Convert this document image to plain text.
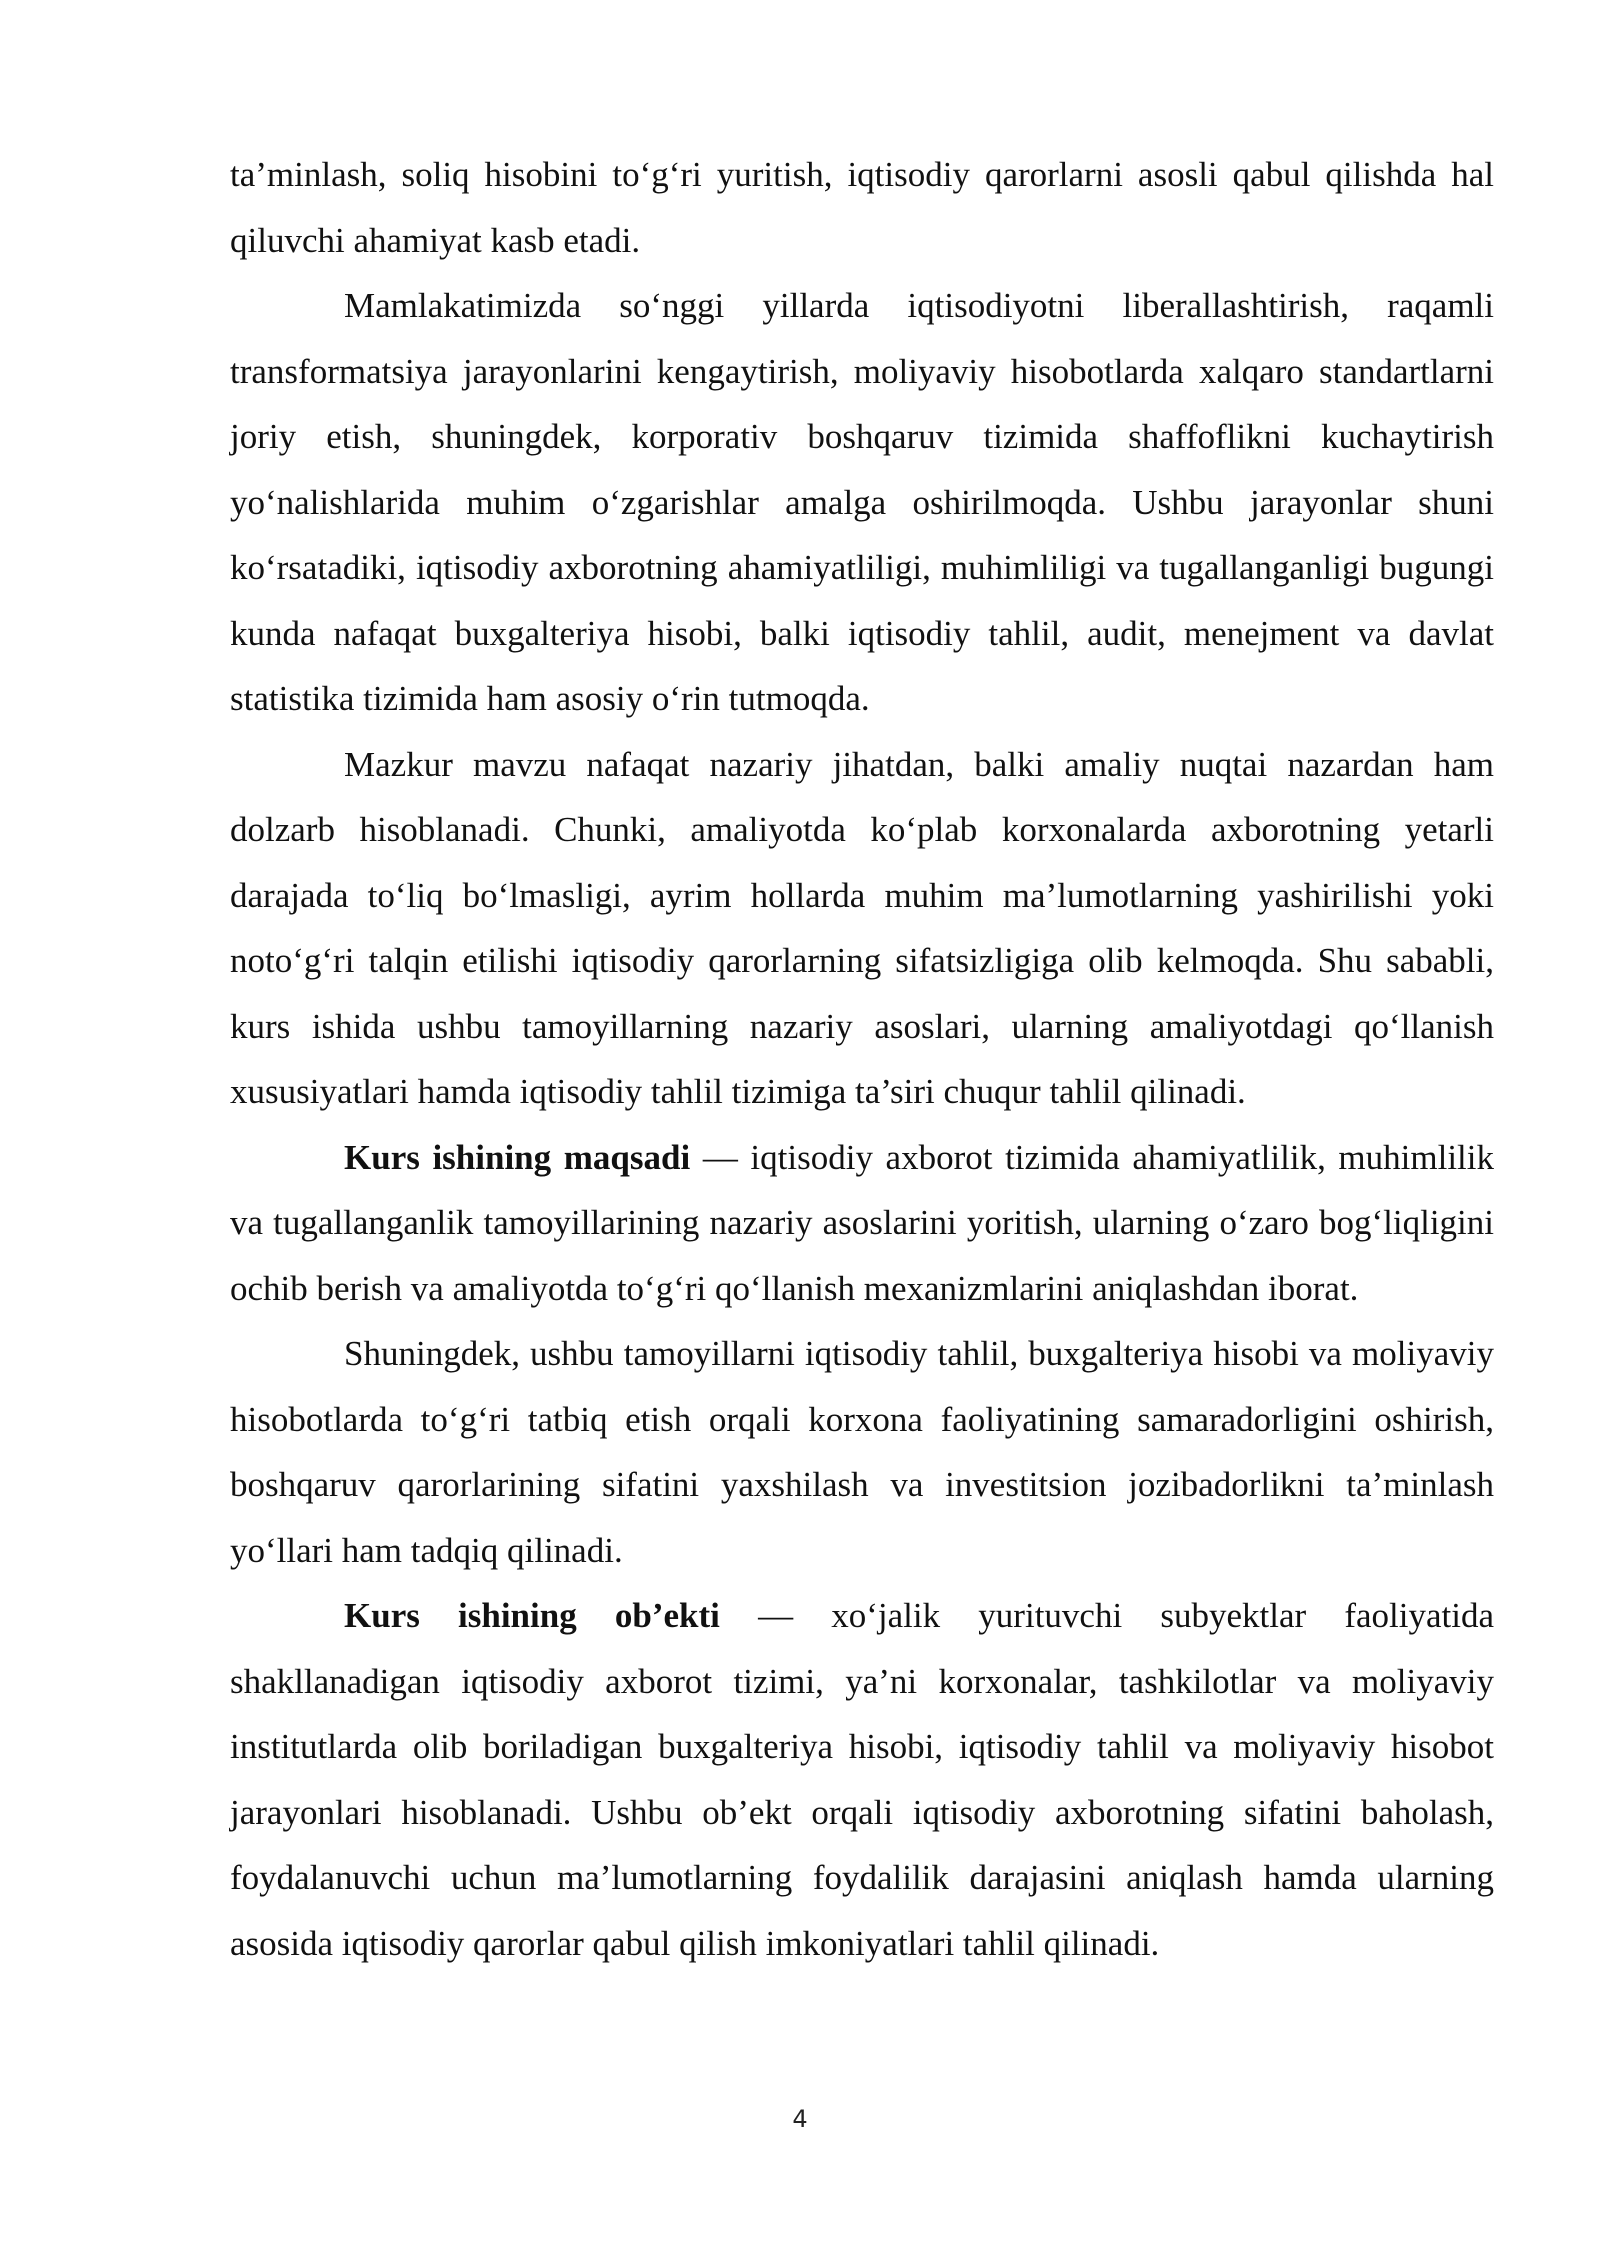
ta’minlash, soliq hisobini to‘g‘ri yuritish, iqtisodiy qarorlarni asosli qabul qilishda hal qiluvchi ahamiyat kasb etadi.

Mamlakatimizda so‘nggi yillarda iqtisodiyotni liberallashtirish, raqamli transformatsiya jarayonlarini kengaytirish, moliyaviy hisobotlarda xalqaro standartlarni joriy etish, shuningdek, korporativ boshqaruv tizimida shaffoflikni kuchaytirish yo‘nalishlarida muhim o‘zgarishlar amalga oshirilmoqda. Ushbu jarayonlar shuni ko‘rsatadiki, iqtisodiy axborotning ahamiyatliligi, muhimliligi va tugallanganligi bugungi kunda nafaqat buxgalteriya hisobi, balki iqtisodiy tahlil, audit, menejment va davlat statistika tizimida ham asosiy o‘rin tutmoqda.

Mazkur mavzu nafaqat nazariy jihatdan, balki amaliy nuqtai nazardan ham dolzarb hisoblanadi. Chunki, amaliyotda ko‘plab korxonalarda axborotning yetarli darajada to‘liq bo‘lmasligi, ayrim hollarda muhim ma’lumotlarning yashirilishi yoki noto‘g‘ri talqin etilishi iqtisodiy qarorlarning sifatsizligiga olib kelmoqda. Shu sababli, kurs ishida ushbu tamoyillarning nazariy asoslari, ularning amaliyotdagi qo‘llanish xususiyatlari hamda iqtisodiy tahlil tizimiga ta’siri chuqur tahlil qilinadi.

Kurs ishining maqsadi — iqtisodiy axborot tizimida ahamiyatlilik, muhimlilik va tugallanganlik tamoyillarining nazariy asoslarini yoritish, ularning o‘zaro bog‘liqligini ochib berish va amaliyotda to‘g‘ri qo‘llanish mexanizmlarini aniqlashdan iborat.

Shuningdek, ushbu tamoyillarni iqtisodiy tahlil, buxgalteriya hisobi va moliyaviy hisobotlarda to‘g‘ri tatbiq etish orqali korxona faoliyatining samaradorligini oshirish, boshqaruv qarorlarining sifatini yaxshilash va investitsion jozibadorlikni ta’minlash yo‘llari ham tadqiq qilinadi.

Kurs ishining ob’ekti — xo‘jalik yurituvchi subyektlar faoliyatida shakllanadigan iqtisodiy axborot tizimi, ya’ni korxonalar, tashkilotlar va moliyaviy institutlarda olib boriladigan buxgalteriya hisobi, iqtisodiy tahlil va moliyaviy hisobot jarayonlari hisoblanadi. Ushbu ob’ekt orqali iqtisodiy axborotning sifatini baholash, foydalanuvchi uchun ma’lumotlarning foydalilik darajasini aniqlash hamda ularning asosida iqtisodiy qarorlar qabul qilish imkoniyatlari tahlil qilinadi.

4
